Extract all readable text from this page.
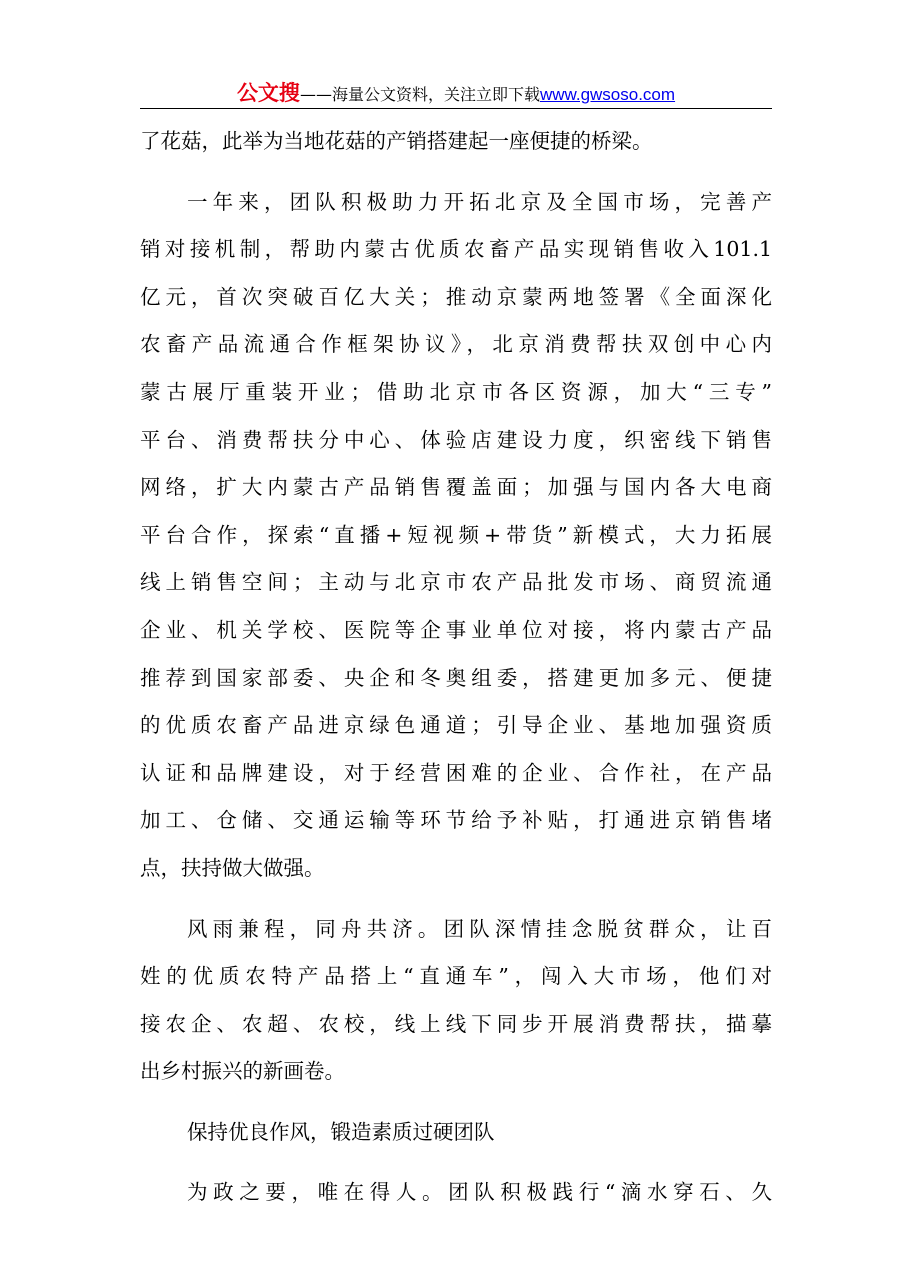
公文搜——海量公文资料，关注立即下载www.gwsoso.com
了花菇，此举为当地花菇的产销搭建起一座便捷的桥梁。
一年来，团队积极助力开拓北京及全国市场，完善产
销对接机制，帮助内蒙古优质农畜产品实现销售收入101.1
亿元，首次突破百亿大关；推动京蒙两地签署《全面深化
农畜产品流通合作框架协议》，北京消费帮扶双创中心内
蒙古展厅重装开业；借助北京市各区资源，加大“三专”
平台、消费帮扶分中心、体验店建设力度，织密线下销售
网络，扩大内蒙古产品销售覆盖面；加强与国内各大电商
平台合作，探索“直播+短视频+带货”新模式，大力拓展
线上销售空间；主动与北京市农产品批发市场、商贸流通
企业、机关学校、医院等企事业单位对接，将内蒙古产品
推荐到国家部委、央企和冬奥组委，搭建更加多元、便捷
的优质农畜产品进京绿色通道；引导企业、基地加强资质
认证和品牌建设，对于经营困难的企业、合作社，在产品
加工、仓储、交通运输等环节给予补贴，打通进京销售堵
点，扶持做大做强。
风雨兼程，同舟共济。团队深情挂念脱贫群众，让百
姓的优质农特产品搭上“直通车”，闯入大市场，他们对
接农企、农超、农校，线上线下同步开展消费帮扶，描摹
出乡村振兴的新画卷。
保持优良作风，锻造素质过硬团队
为政之要，唯在得人。团队积极践行“滴水穿石、久
